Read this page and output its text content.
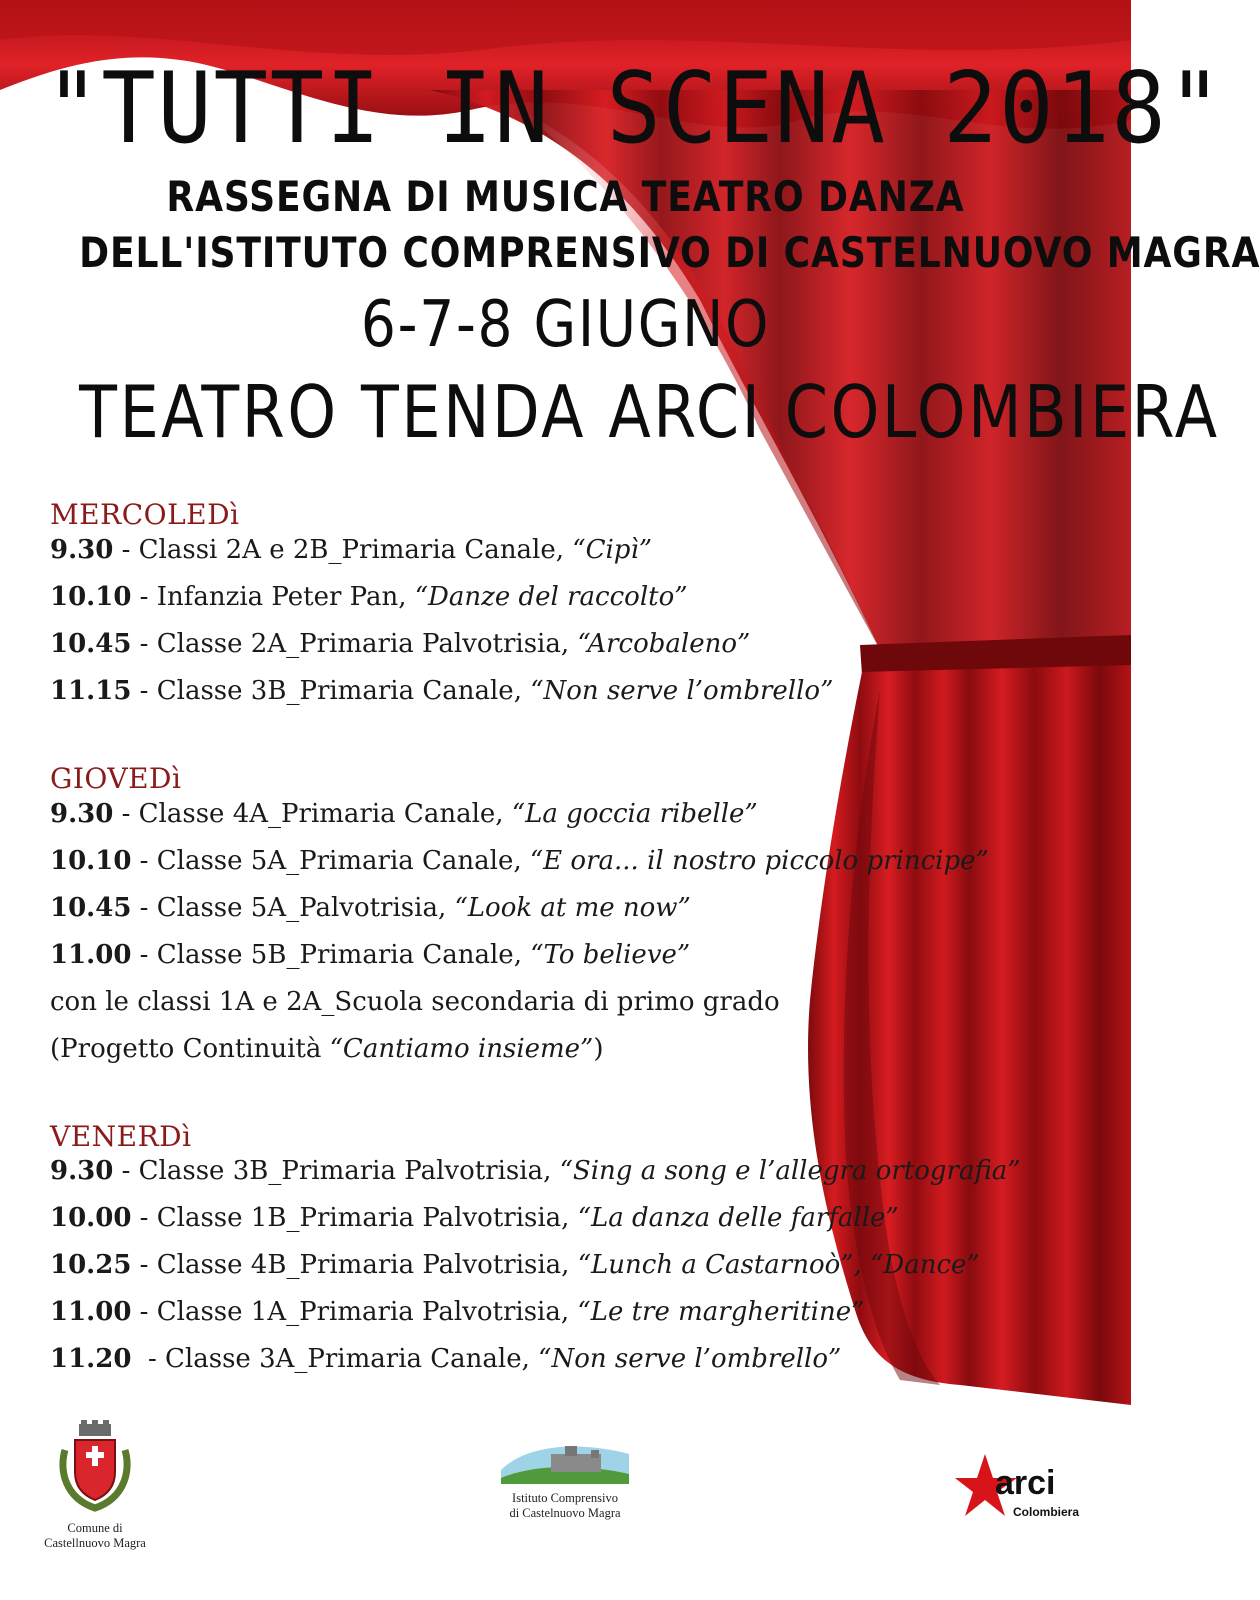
"TUTTI IN SCENA 2018"
RASSEGNA DI MUSICA TEATRO DANZA
DELL'ISTITUTO COMPRENSIVO DI CASTELNUOVO MAGRA
6-7-8 GIUGNO
TEATRO TENDA ARCI COLOMBIERA
MERCOLEDì
9.30 - Classi 2A e 2B_Primaria Canale, “Cipì”
10.10 - Infanzia Peter Pan, “Danze del raccolto”
10.45 - Classe 2A_Primaria Palvotrisia, “Arcobaleno”
11.15 - Classe 3B_Primaria Canale, “Non serve l’ombrello”
GIOVEDì
9.30 - Classe 4A_Primaria Canale, “La goccia ribelle”
10.10 - Classe 5A_Primaria Canale, “E ora... il nostro piccolo principe”
10.45 - Classe 5A_Palvotrisia, “Look at me now”
11.00 - Classe 5B_Primaria Canale, “To believe”
con le classi 1A e 2A_Scuola secondaria di primo grado
(Progetto Continuità “Cantiamo insieme”)
VENERDì
9.30 - Classe 3B_Primaria Palvotrisia, “Sing a song e l’allegra ortografia”
10.00 - Classe 1B_Primaria Palvotrisia, “La danza delle farfalle”
10.25 - Classe 4B_Primaria Palvotrisia, “Lunch a Castarnoò”, “Dance”
11.00 - Classe 1A_Primaria Palvotrisia, “Le tre margheritine”
11.20  - Classe 3A_Primaria Canale, “Non serve l’ombrello”
Comune di
Castellnuovo Magra
Istituto Comprensivo
di Castelnuovo Magra
arci
Colombiera
